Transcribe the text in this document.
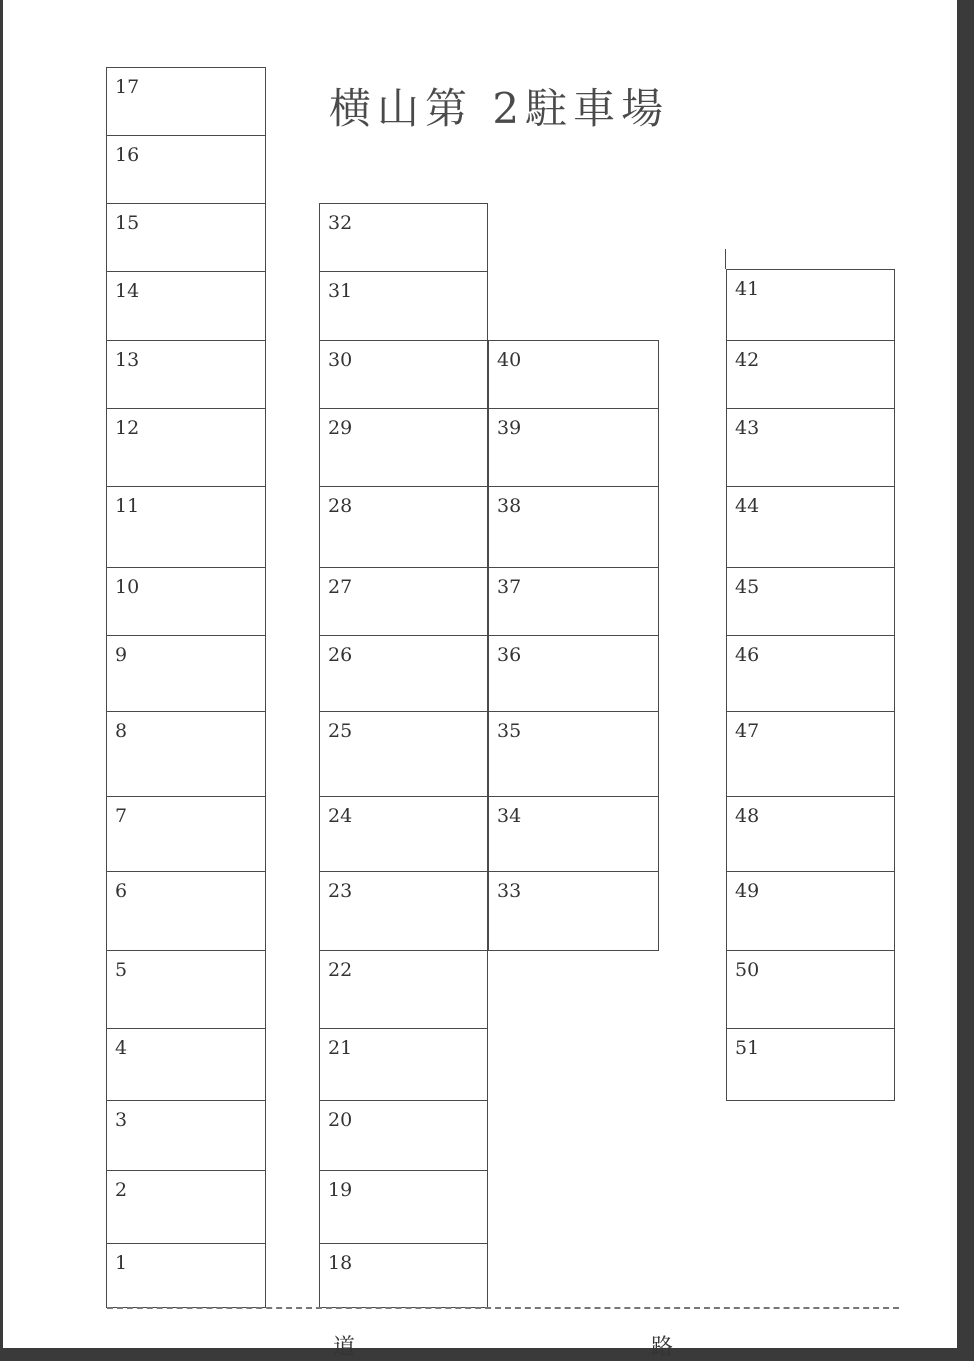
横山第 2駐車場
17
16
15
14
13
12
11
10
9
8
7
6
5
4
3
2
1
32
31
30
29
28
27
26
25
24
23
22
21
20
19
18
40
39
38
37
36
35
34
33
41
42
43
44
45
46
47
48
49
50
51
道	路
